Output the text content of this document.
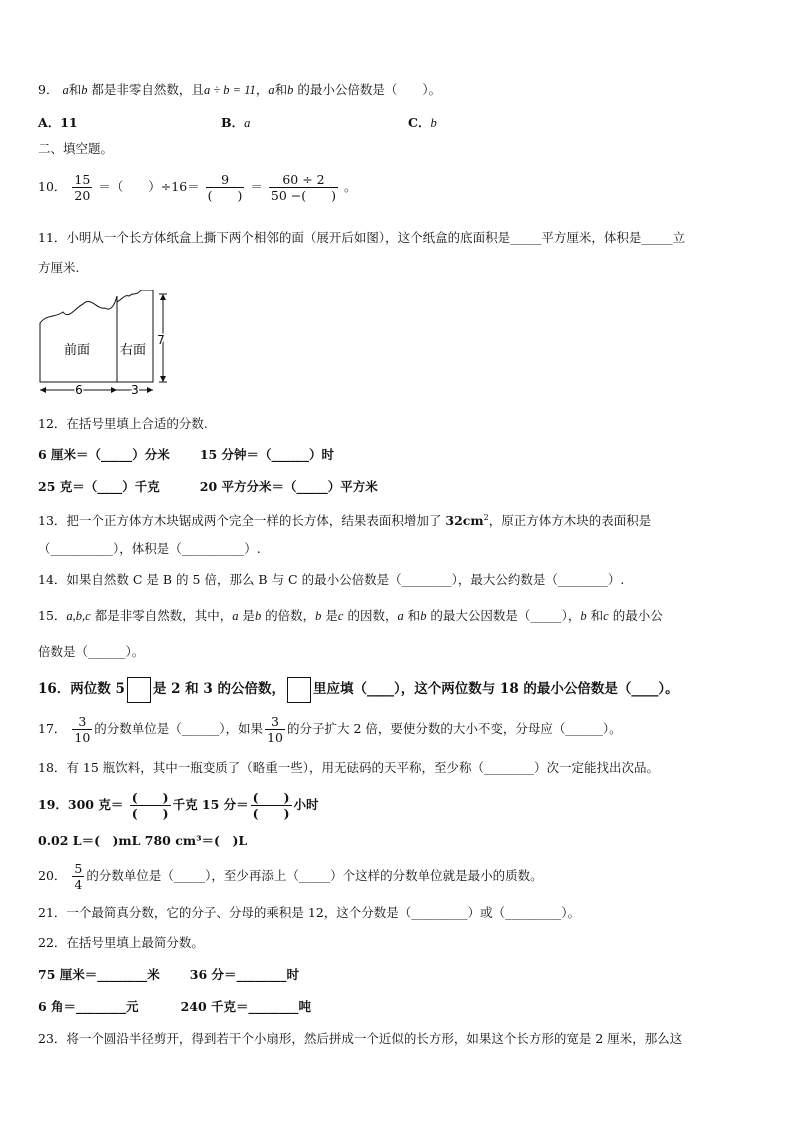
9． a和b 都是非零自然数，且a ÷ b = 11，a和b 的最小公倍数是（　　）。
A．11	B．a	C．b
二、填空题。
10． $\frac{15}{20}$ ＝（　　）$\div 16= \frac{9}{( )} = \frac{60 \div 2}{50 -( )}$ 。
11．小明从一个长方体纸盒上撕下两个相邻的面（展开后如图），这个纸盒的底面积是_____平方厘米，体积是_____立
方厘米.
前面 右面
7
6	3
12．在括号里填上合适的分数.
6 厘米＝（_____）分米 15 分钟＝（______）时
25 克＝（____）千克	20 平方分米＝（_____）平方米
13．把一个正方体方木块锯成两个完全一样的长方体，结果表面积增加了 $32cm^2$，原正方体方木块的表面积是
（__________），体积是（__________）.
14．如果自然数 C 是 B 的 5 倍，那么 B 与 C 的最小公倍数是（________），最大公约数是（________）.
15．a,b,c 都是非零自然数，其中，a 是b 的倍数，b 是c 的因数，a 和b 的最大公因数是（_____），b 和c 的最小公
倍数是（______）。
16．两位数 5 是 2 和 3 的公倍数， 里应填（____），这个两位数与 18 的最小公倍数是（____）。
17． $\frac{3}{10}$ 的分数单位是（______），如果 $\frac{3}{10}$ 的分子扩大 2 倍，要使分数的大小不变，分母应（______）。
18．有 15 瓶饮料，其中一瓶变质了（略重一些），用无砝码的天平称，至少称（________）次一定能找出次品。
19．300 克＝ $\frac{( )}{( )}$ 千克 15 分＝ $\frac{( )}{( )}$ 小时
0.02 L＝(　)mL 780 cm³＝(　)L
20． $\frac{5}{4}$ 的分数单位是（_____），至少再添上（_____）个这样的分数单位就是最小的质数。
21．一个最简真分数，它的分子、分母的乘积是 12，这个分数是（_________）或（_________）。
22．在括号里填上最简分数。
75 厘米＝________米 36 分＝________时
6 角＝________元	240 千克＝________吨
23．将一个圆沿半径剪开，得到若干个小扇形，然后拼成一个近似的长方形，如果这个长方形的宽是 2 厘米，那么这
